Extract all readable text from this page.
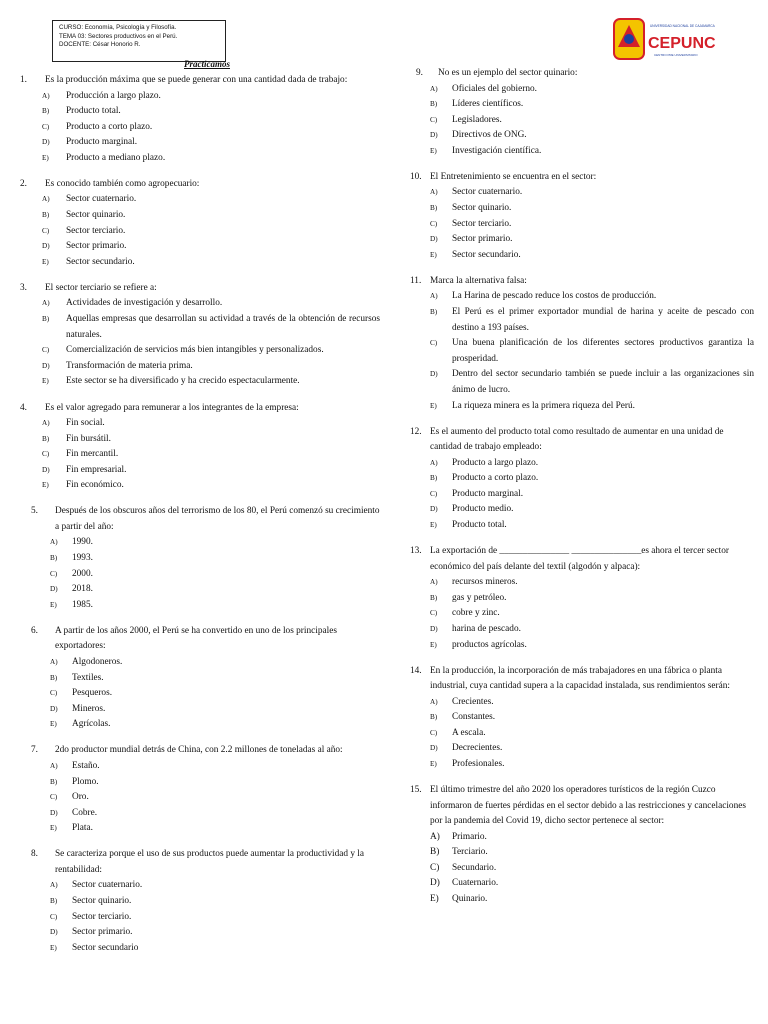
CURSO: Economía, Psicología y Filosofía.
TEMA 03: Sectores productivos en el Perú.
DOCENTE: César Honorio R.
UNIVERSIDAD NACIONAL DE CAJAMARCA
CEPUNC
CENTRO PRE UNIVERSITARIO
Practicamos
1.	Es la producción máxima que se puede generar con una cantidad dada de trabajo:
A)	Producción a largo plazo.
B)	Producto total.
C)	Producto a corto plazo.
D)	Producto marginal.
E)	Producto a mediano plazo.
2.	Es conocido también como agropecuario:
A)	Sector cuaternario.
B)	Sector quinario.
C)	Sector terciario.
D)	Sector primario.
E)	Sector secundario.
3.	El sector terciario se refiere a:
A)	Actividades de investigación y desarrollo.
B)	Aquellas empresas que desarrollan su actividad a través de la obtención de recursos naturales.
C)	Comercialización de servicios más bien intangibles y personalizados.
D)	Transformación de materia prima.
E)	Este sector se ha diversificado y ha crecido espectacularmente.
4.	Es el valor agregado para remunerar a los integrantes de la empresa:
A)	Fin social.
B)	Fin bursátil.
C)	Fin mercantil.
D)	Fin empresarial.
E)	Fin económico.
5.	Después de los obscuros años del terrorismo de los 80, el Perú comenzó su crecimiento a partir del año:
A)	1990.
B)	1993.
C)	2000.
D)	2018.
E)	1985.
6.	A partir de los años 2000, el Perú se ha convertido en uno de los principales exportadores:
A)	Algodoneros.
B)	Textiles.
C)	Pesqueros.
D)	Mineros.
E)	Agrícolas.
7.	2do productor mundial detrás de China, con 2.2 millones de toneladas al año:
A)	Estaño.
B)	Plomo.
C)	Oro.
D)	Cobre.
E)	Plata.
8.	Se caracteriza porque el uso de sus productos puede aumentar la productividad y la rentabilidad:
A)	Sector cuaternario.
B)	Sector quinario.
C)	Sector terciario.
D)	Sector primario.
E)	Sector secundario
9.	No es un ejemplo del sector quinario:
A)	Oficiales del gobierno.
B)	Líderes científicos.
C)	Legisladores.
D)	Directivos de ONG.
E)	Investigación científica.
10. El Entretenimiento se encuentra en el sector:
A)	Sector cuaternario.
B)	Sector quinario.
C)	Sector terciario.
D)	Sector primario.
E)	Sector secundario.
11. Marca la alternativa falsa:
A)	La Harina de pescado reduce los costos de producción.
B)	El Perú es el primer exportador mundial de harina y aceite de pescado con destino a 193 países.
C)	Una buena planificación de los diferentes sectores productivos garantiza la prosperidad.
D)	Dentro del sector secundario también se puede incluir a las organizaciones sin ánimo de lucro.
E)	La riqueza minera es la primera riqueza del Perú.
12. Es el aumento del producto total como resultado de aumentar en una unidad de cantidad de trabajo empleado:
A)	Producto a largo plazo.
B)	Producto a corto plazo.
C)	Producto marginal.
D)	Producto medio.
E)	Producto total.
13. La exportación de _______________ _______________es ahora el tercer sector económico del país delante del textil (algodón y alpaca):
A)	recursos mineros.
B)	gas y petróleo.
C)	cobre y zinc.
D)	harina de pescado.
E)	productos agrícolas.
14. En la producción, la incorporación de más trabajadores en una fábrica o planta industrial, cuya cantidad supera a la capacidad instalada, sus rendimientos serán:
A)	Crecientes.
B)	Constantes.
C)	A escala.
D)	Decrecientes.
E)	Profesionales.
15. El último trimestre del año 2020 los operadores turísticos de la región Cuzco informaron de fuertes pérdidas en el sector debido a las restricciones y cancelaciones por la pandemia del Covid 19, dicho sector pertenece al sector:
A)	Primario.
B)	Terciario.
C)	Secundario.
D)	Cuaternario.
E)	Quinario.
